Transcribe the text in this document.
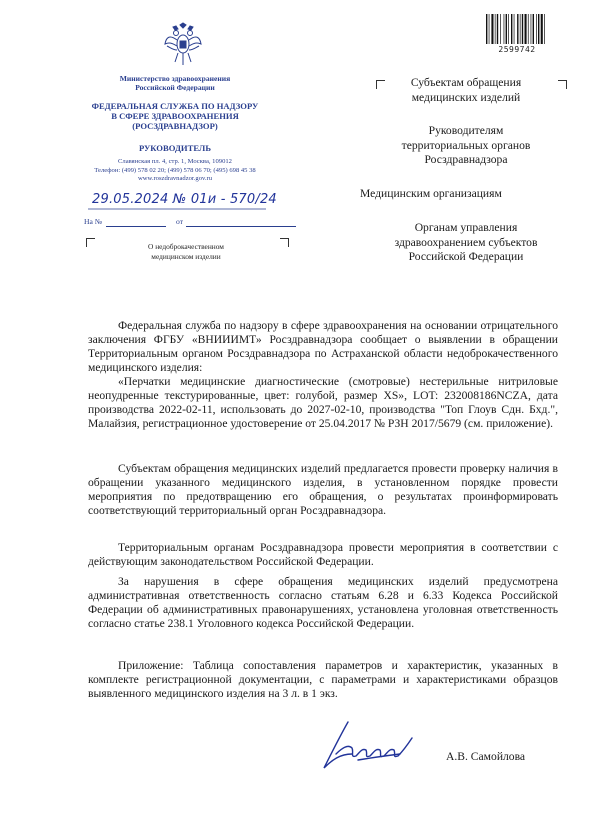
2599742
Министерство здравоохранения
Российской Федерации
ФЕДЕРАЛЬНАЯ СЛУЖБА ПО НАДЗОРУ
В СФЕРЕ ЗДРАВООХРАНЕНИЯ
(РОСЗДРАВНАДЗОР)
РУКОВОДИТЕЛЬ
Славянская пл. 4, стр. 1, Москва, 109012
Телефон: (499) 578 02 20; (499) 578 06 70; (495) 698 45 38
www.roszdravnadzor.gov.ru
29.05.2024 № 01и - 570/24
На №	от
О недоброкачественном
медицинском изделии
Субъектам обращения
медицинских изделий
Руководителям
территориальных органов
Росздравнадзора
Медицинским организациям
Органам управления
здравоохранением субъектов
Российской Федерации

Федеральная служба по надзору в сфере здравоохранения на основании отрицательного заключения ФГБУ «ВНИИИМТ» Росздравнадзора сообщает о выявлении в обращении Территориальным органом Росздравнадзора по Астраханской области недоброкачественного медицинского изделия:

«Перчатки медицинские диагностические (смотровые) нестерильные нитриловые неопудренные текстурированные, цвет: голубой, размер XS», LOT: 232008186NCZA, дата производства 2022-02-11, использовать до 2027-02-10, производства "Топ Глоув Сдн. Бхд.", Малайзия, регистрационное удостоверение от 25.04.2017 № РЗН 2017/5679 (см. приложение).

Субъектам обращения медицинских изделий предлагается провести проверку наличия в обращении указанного медицинского изделия, в установленном порядке провести мероприятия по предотвращению его обращения, о результатах проинформировать соответствующий территориальный орган Росздравнадзора.

Территориальным органам Росздравнадзора провести мероприятия в соответствии с действующим законодательством Российской Федерации.

За нарушения в сфере обращения медицинских изделий предусмотрена административная ответственность согласно статьям 6.28 и 6.33 Кодекса Российской Федерации об административных правонарушениях, установлена уголовная ответственность согласно статье 238.1 Уголовного кодекса Российской Федерации.

Приложение: Таблица сопоставления параметров и характеристик, указанных в комплекте регистрационной документации, с параметрами и характеристиками образцов выявленного медицинского изделия на 3 л. в 1 экз.

А.В. Самойлова
